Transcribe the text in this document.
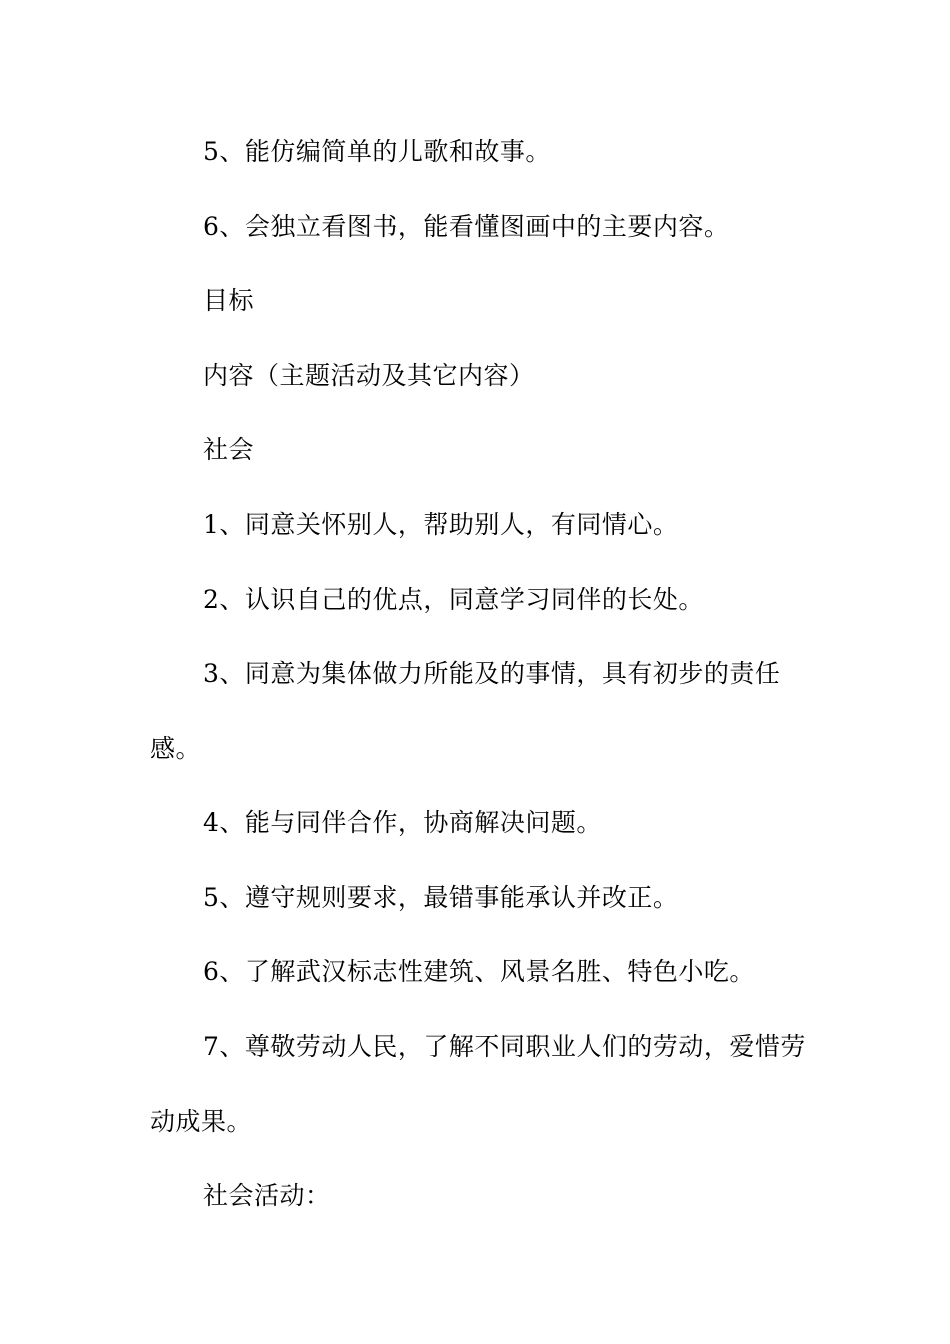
5、能仿编简单的儿歌和故事。
6、会独立看图书，能看懂图画中的主要内容。
目标
内容（主题活动及其它内容）
社会
1、同意关怀别人，帮助别人，有同情心。
2、认识自己的优点，同意学习同伴的长处。
3、同意为集体做力所能及的事情，具有初步的责任
感。
4、能与同伴合作，协商解决问题。
5、遵守规则要求，最错事能承认并改正。
6、了解武汉标志性建筑、风景名胜、特色小吃。
7、尊敬劳动人民，了解不同职业人们的劳动，爱惜劳
动成果。
社会活动：
